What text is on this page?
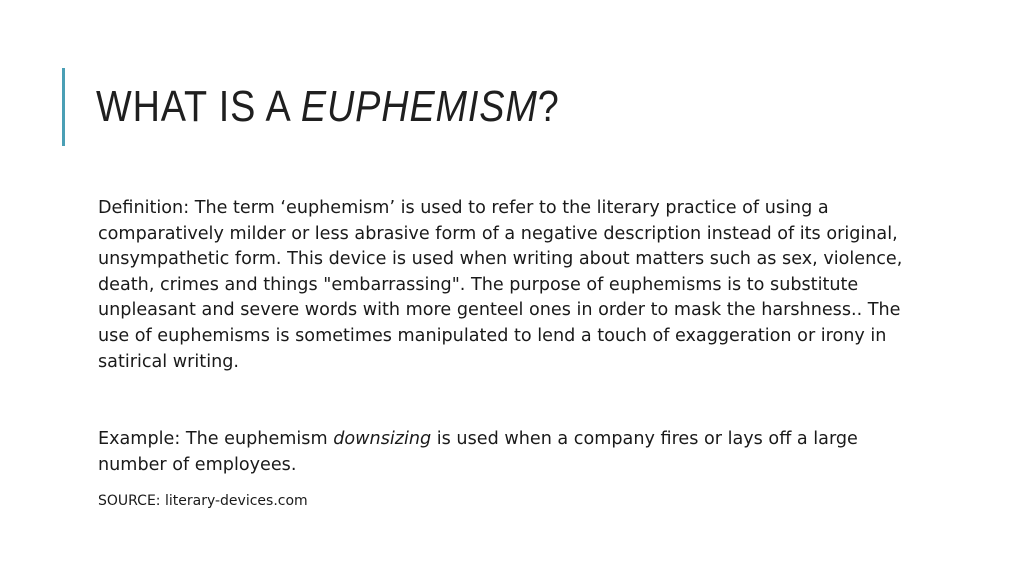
WHAT IS A EUPHEMISM?

Definition: The term ‘euphemism’ is used to refer to the literary practice of using a comparatively milder or less abrasive form of a negative description instead of its original, unsympathetic form. This device is used when writing about matters such as sex, violence, death, crimes and things "embarrassing". The purpose of euphemisms is to substitute unpleasant and severe words with more genteel ones in order to mask the harshness.. The use of euphemisms is sometimes manipulated to lend a touch of exaggeration or irony in satirical writing.

Example: The euphemism downsizing is used when a company fires or lays off a large number of employees.

SOURCE: literary-devices.com
